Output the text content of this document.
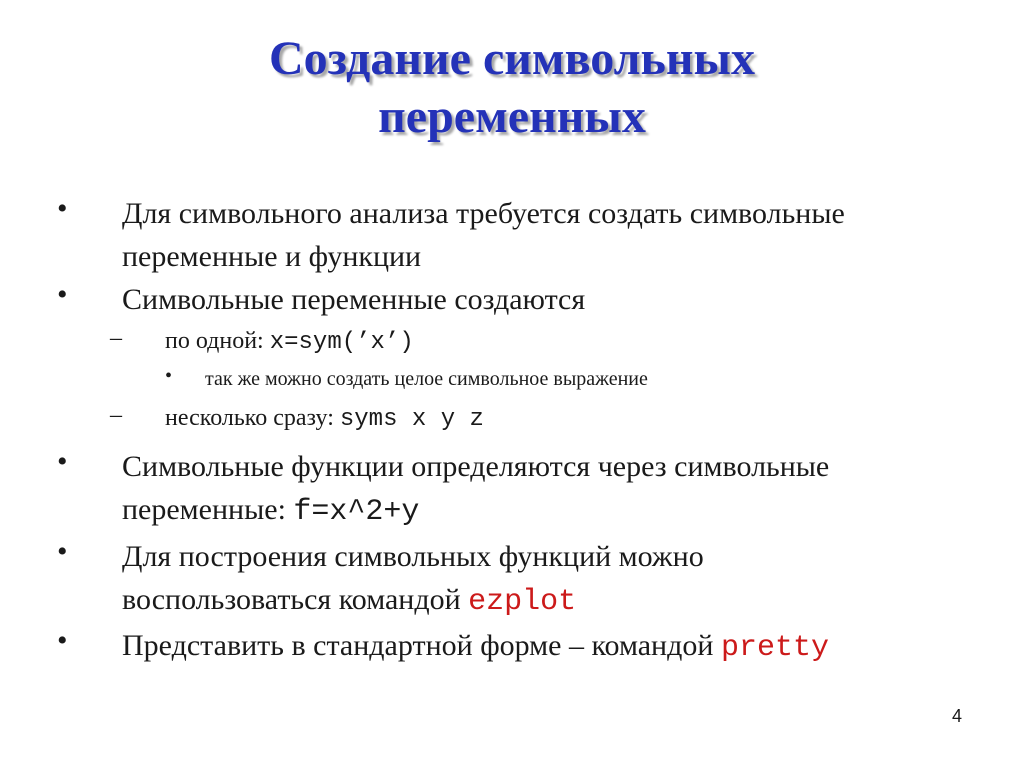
Создание символьных
переменных
• Для символьного анализа требуется создать символьные
переменные и функции
• Символьные переменные создаются
– по одной: x=sym(’x’)
• так же можно создать целое символьное выражение
– несколько сразу: syms x y z
• Символьные функции определяются через символьные
переменные: f=x^2+y
• Для построения символьных функций можно
воспользоваться командой ezplot
• Представить в стандартной форме – командой pretty
4
